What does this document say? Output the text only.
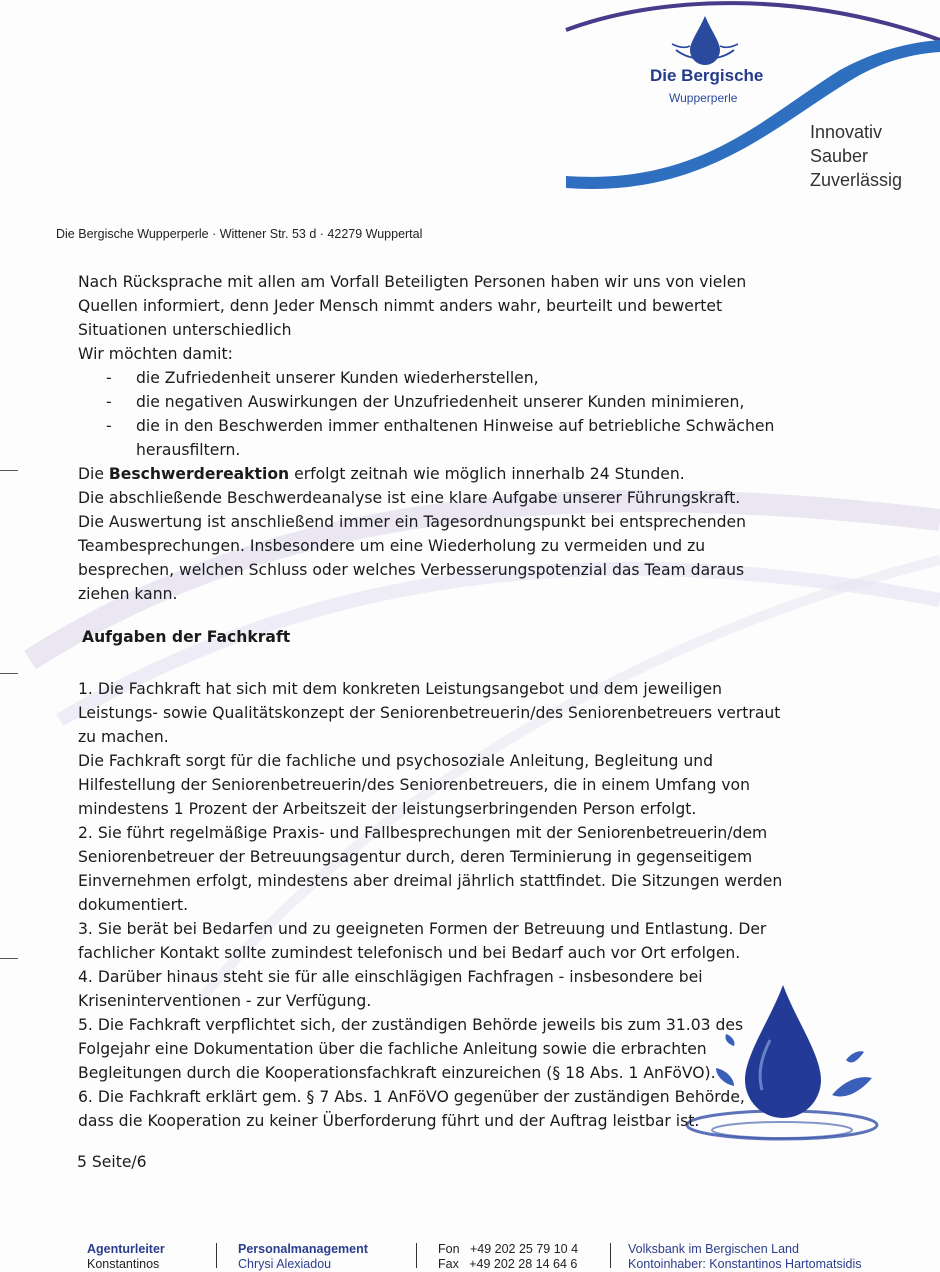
Die Bergische
Wupperperle
Innovativ
Sauber
Zuverlässig
Die Bergische Wupperperle · Wittener Str. 53 d · 42279 Wuppertal
Nach Rücksprache mit allen am Vorfall Beteiligten Personen haben wir uns von vielen
Quellen informiert, denn Jeder Mensch nimmt anders wahr, beurteilt und bewertet
Situationen unterschiedlich
Wir möchten damit:
- die Zufriedenheit unserer Kunden wiederherstellen,
- die negativen Auswirkungen der Unzufriedenheit unserer Kunden minimieren,
- die in den Beschwerden immer enthaltenen Hinweise auf betriebliche Schwächen
herausfiltern.
Die Beschwerdereaktion erfolgt zeitnah wie möglich innerhalb 24 Stunden.
Die abschließende Beschwerdeanalyse ist eine klare Aufgabe unserer Führungskraft.
Die Auswertung ist anschließend immer ein Tagesordnungspunkt bei entsprechenden
Teambesprechungen. Insbesondere um eine Wiederholung zu vermeiden und zu
besprechen, welchen Schluss oder welches Verbesserungspotenzial das Team daraus
ziehen kann.
Aufgaben der Fachkraft
1. Die Fachkraft hat sich mit dem konkreten Leistungsangebot und dem jeweiligen
Leistungs- sowie Qualitätskonzept der Seniorenbetreuerin/des Seniorenbetreuers vertraut
zu machen.
Die Fachkraft sorgt für die fachliche und psychosoziale Anleitung, Begleitung und
Hilfestellung der Seniorenbetreuerin/des Seniorenbetreuers, die in einem Umfang von
mindestens 1 Prozent der Arbeitszeit der leistungserbringenden Person erfolgt.
2. Sie führt regelmäßige Praxis- und Fallbesprechungen mit der Seniorenbetreuerin/dem
Seniorenbetreuer der Betreuungsagentur durch, deren Terminierung in gegenseitigem
Einvernehmen erfolgt, mindestens aber dreimal jährlich stattfindet. Die Sitzungen werden
dokumentiert.
3. Sie berät bei Bedarfen und zu geeigneten Formen der Betreuung und Entlastung. Der
fachlicher Kontakt sollte zumindest telefonisch und bei Bedarf auch vor Ort erfolgen.
4. Darüber hinaus steht sie für alle einschlägigen Fachfragen - insbesondere bei
Kriseninterventionen - zur Verfügung.
5. Die Fachkraft verpflichtet sich, der zuständigen Behörde jeweils bis zum 31.03 des
Folgejahr eine Dokumentation über die fachliche Anleitung sowie die erbrachten
Begleitungen durch die Kooperationsfachkraft einzureichen (§ 18 Abs. 1 AnFöVO).
6. Die Fachkraft erklärt gem. § 7 Abs. 1 AnFöVO gegenüber der zuständigen Behörde,
dass die Kooperation zu keiner Überforderung führt und der Auftrag leistbar ist.
5 Seite/6
Agenturleiter
Konstantinos
Personalmanagement
Chrysi Alexiadou
Fon   +49 202 25 79 10 4
Fax   +49 202 28 14 64 6
Volksbank im Bergischen Land
Kontoinhaber: Konstantinos Hartomatsidis
